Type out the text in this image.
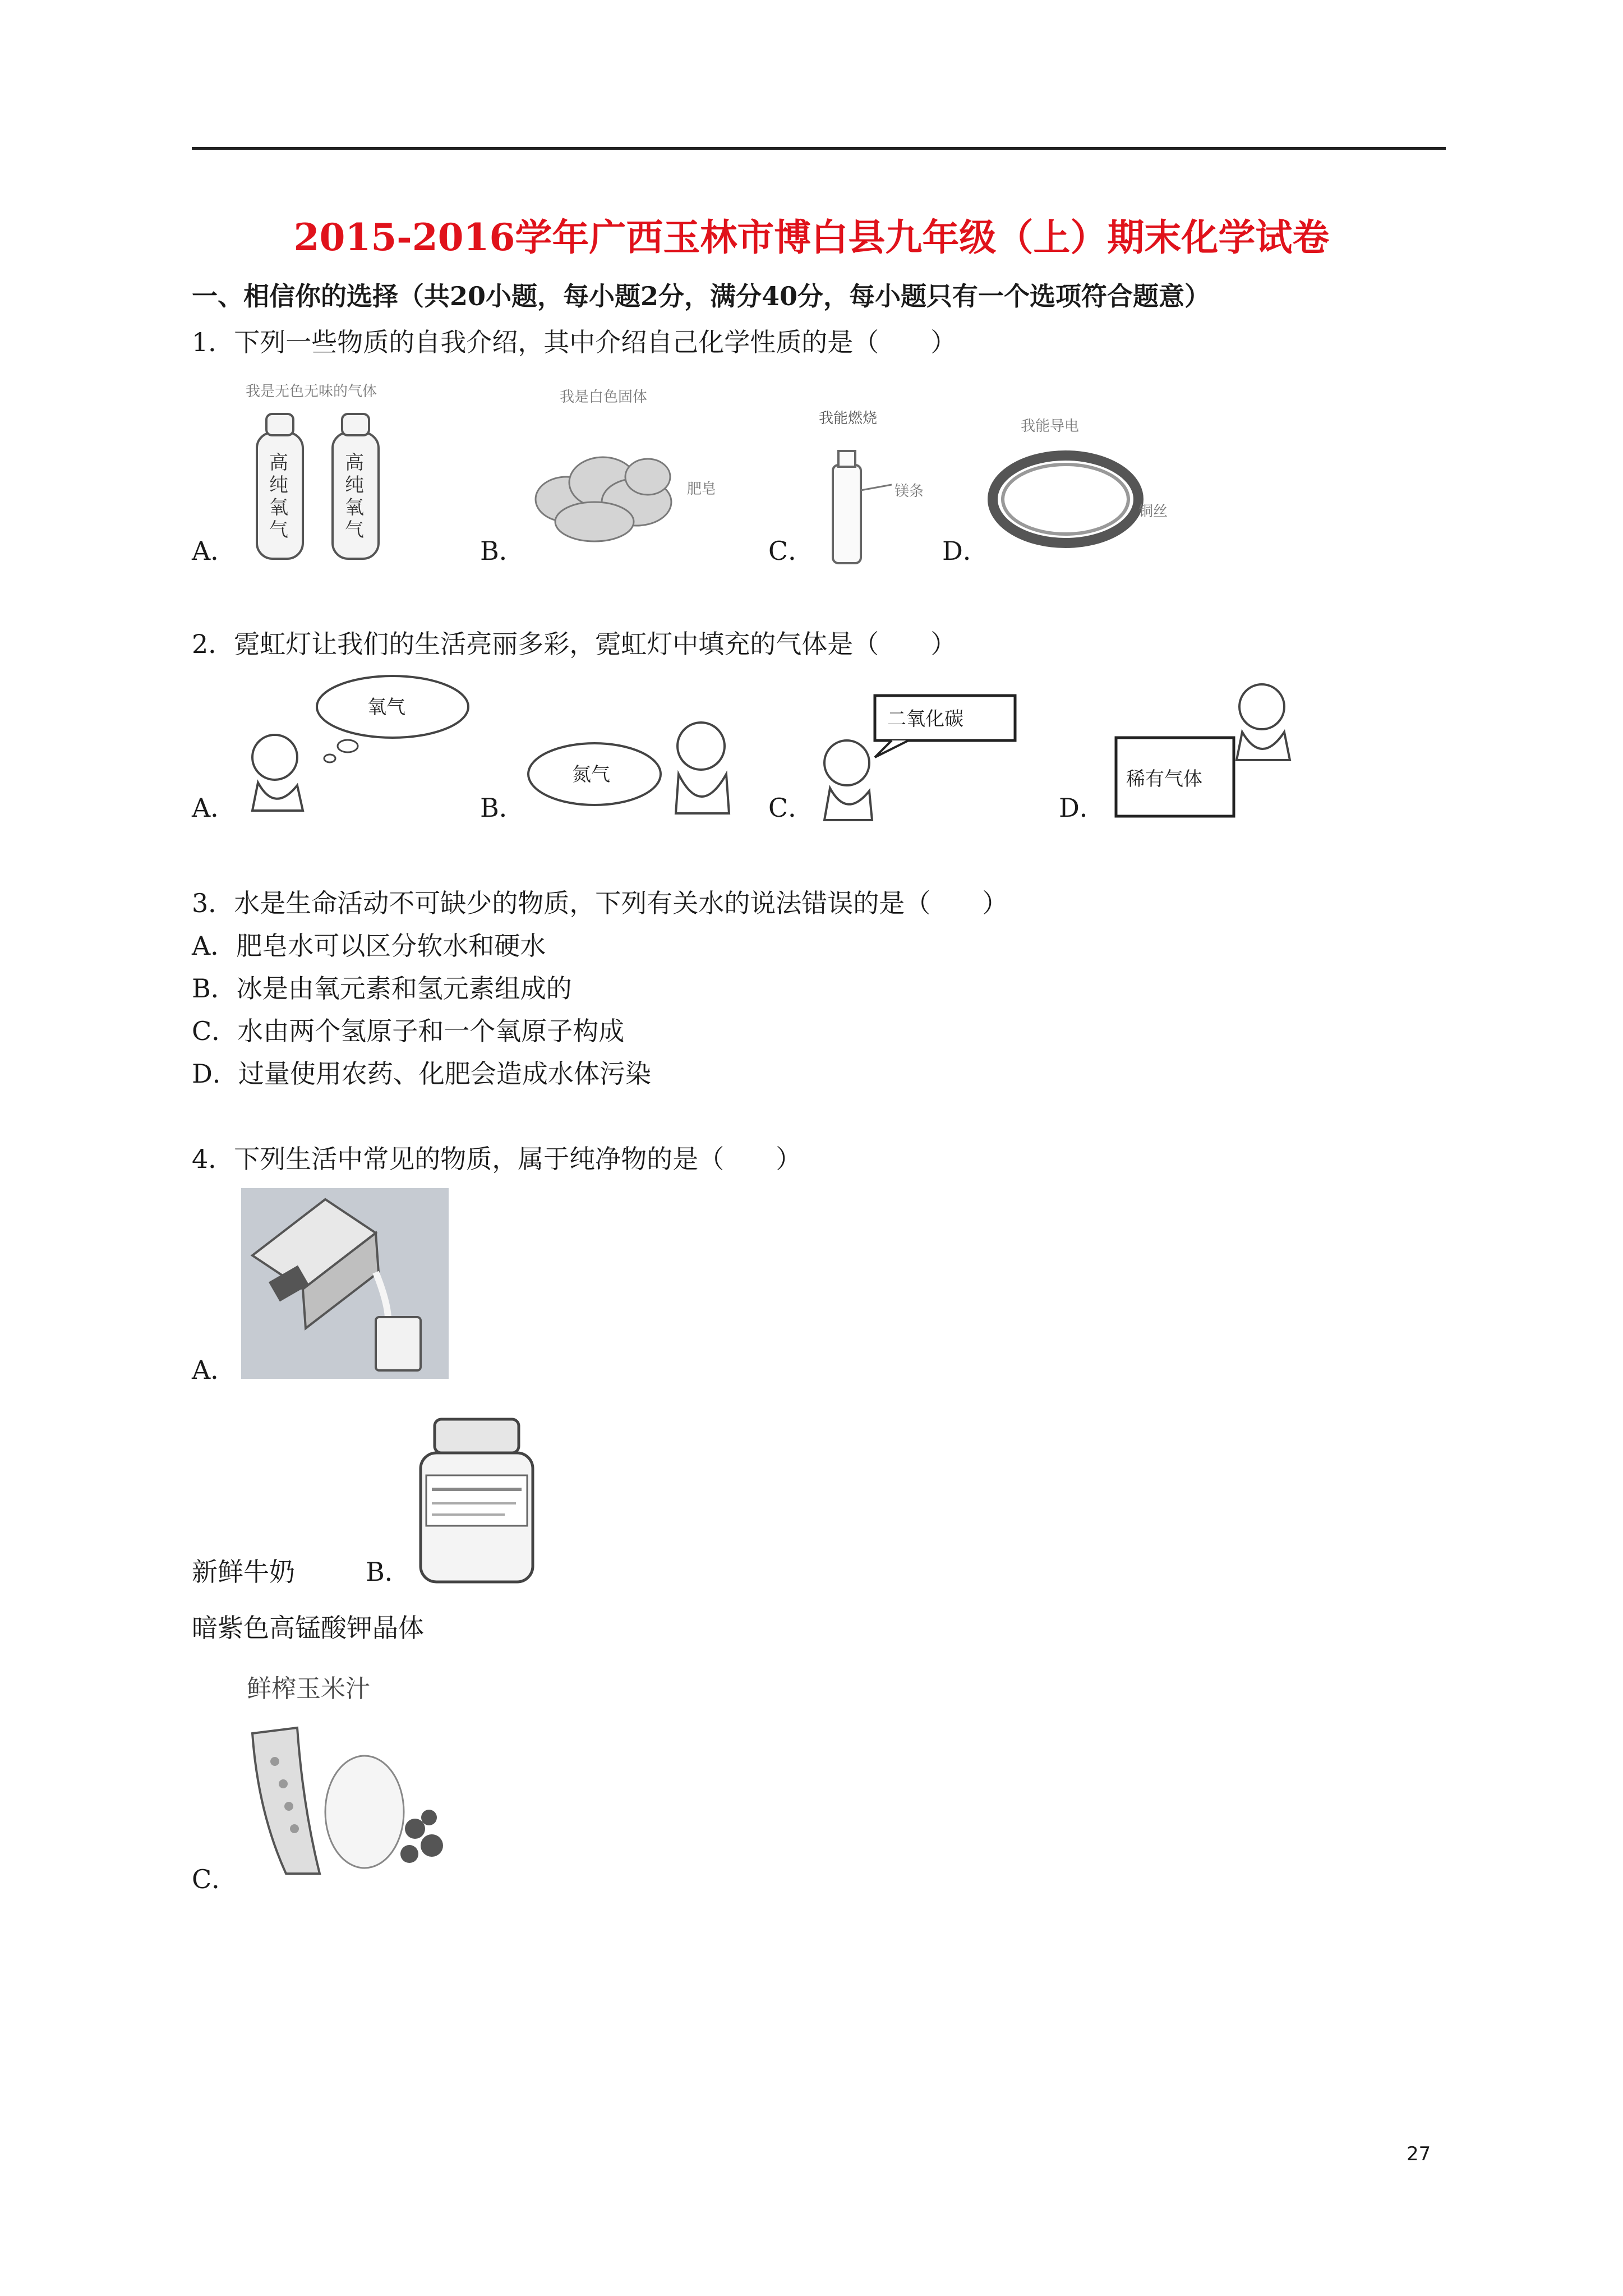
2015-2016学年广西玉林市博白县九年级（上）期末化学试卷
一、相信你的选择（共20小题，每小题2分，满分40分，每小题只有一个选项符合题意）
1．下列一些物质的自我介绍，其中介绍自己化学性质的是（　　）
A．
我是无色无味的气体
高纯氧气 高纯氧气
B．
我是白色固体
肥皂
C．
我能燃烧
镁条
D．
我能导电
铜丝
2．霓虹灯让我们的生活亮丽多彩，霓虹灯中填充的气体是（　　）
A．
氧气
B．
氮气
C．
二氧化碳
D．
稀有气体
3．水是生命活动不可缺少的物质，下列有关水的说法错误的是（　　）
A．肥皂水可以区分软水和硬水
B．冰是由氧元素和氢元素组成的
C．水由两个氢原子和一个氧原子构成
D．过量使用农药、化肥会造成水体污染
4．下列生活中常见的物质，属于纯净物的是（　　）
A．
新鲜牛奶	B．
暗紫色高锰酸钾晶体
C．
鲜榨玉米汁
27
